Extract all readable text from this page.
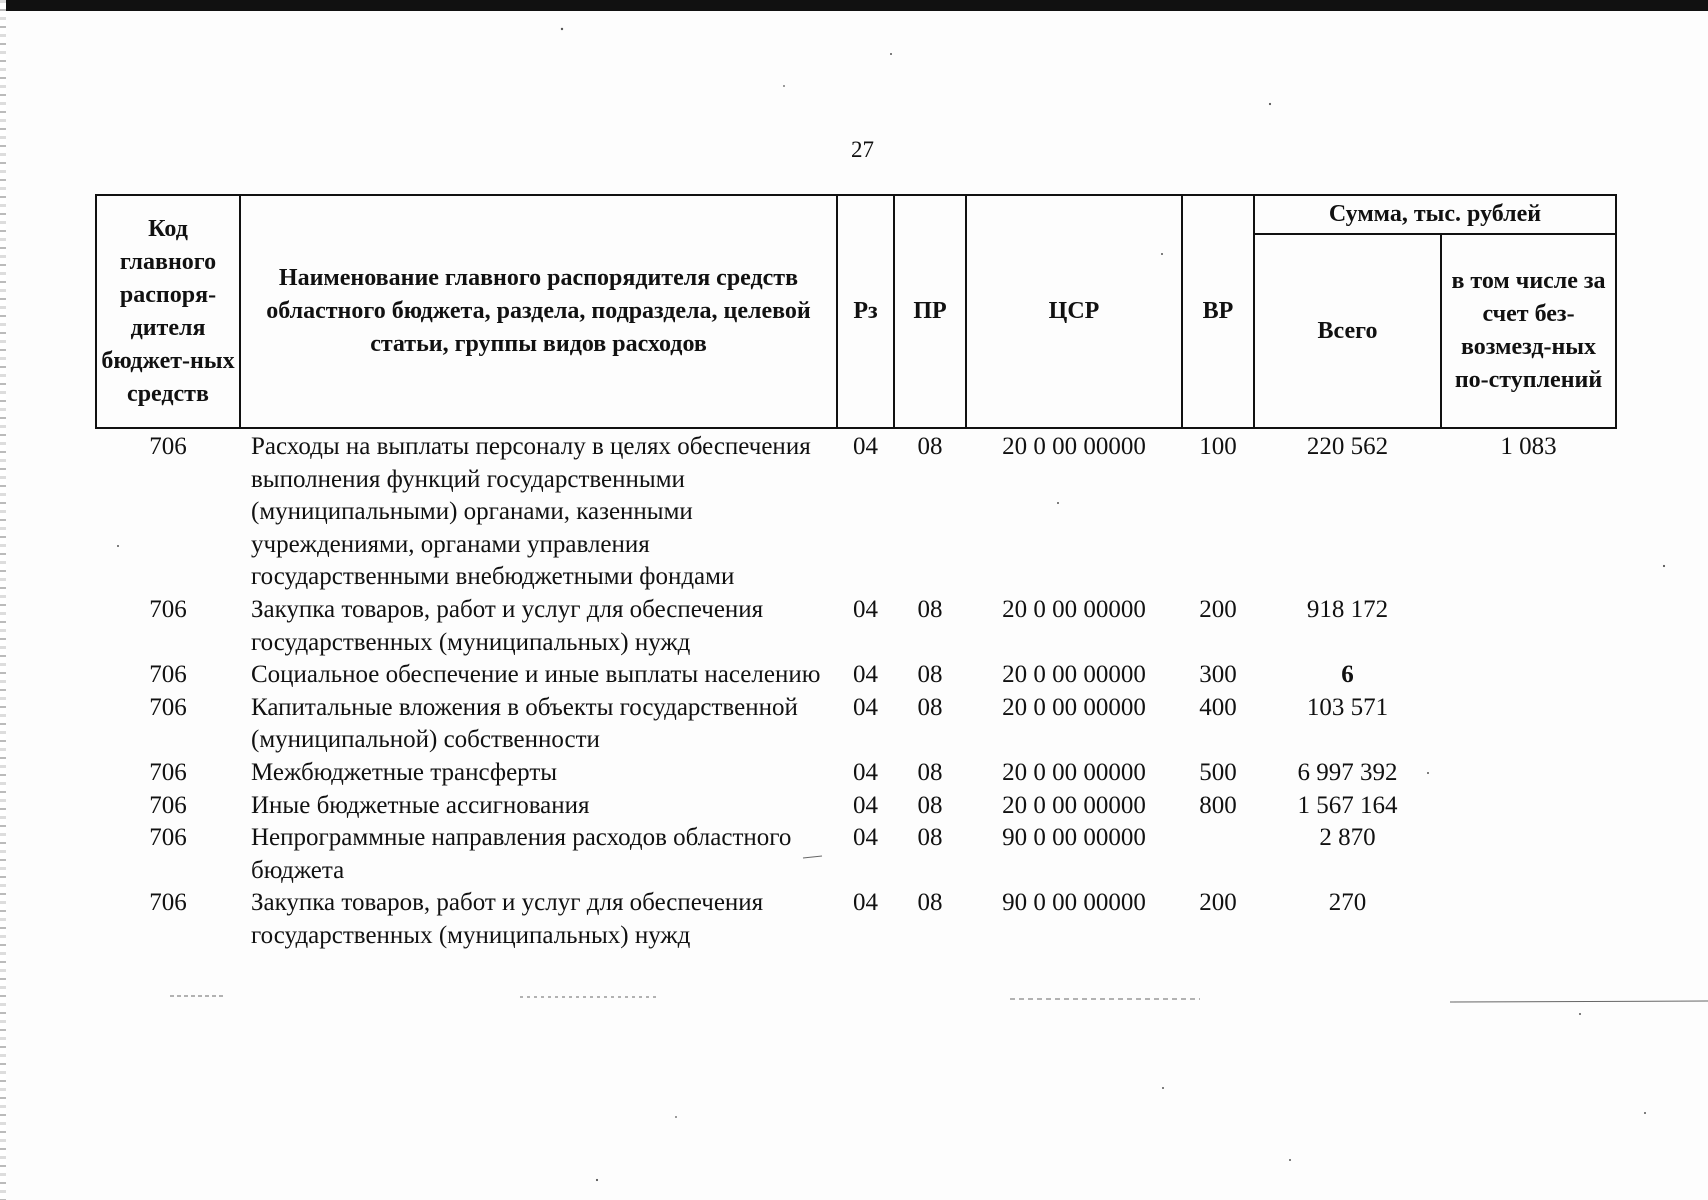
27
Код главного распоря-дителя бюджет-ных средств	Наименование главного распорядителя средств областного бюджета, раздела, подраздела, целевой статьи, группы видов расходов	Рз	ПР	ЦСР	ВР	Сумма, тыс. рублей	
						Всего	в том числе за счет без-возмезд-ных по-ступлений
706	Расходы на выплаты персоналу в целях обеспечения выполнения функций государственными (муниципальными) органами, казенными учреждениями, органами управления государственными внебюджетными фондами	04	08	20 0 00 00000	100	220 562	1 083
706	Закупка товаров, работ и услуг для обеспечения государственных (муниципальных) нужд	04	08	20 0 00 00000	200	918 172	
706	Социальное обеспечение и иные выплаты населению	04	08	20 0 00 00000	300	6	
706	Капитальные вложения в объекты государственной (муниципальной) собственности	04	08	20 0 00 00000	400	103 571	
706	Межбюджетные трансферты	04	08	20 0 00 00000	500	6 997 392	
706	Иные бюджетные ассигнования	04	08	20 0 00 00000	800	1 567 164	
706	Непрограммные направления расходов областного бюджета	04	08	90 0 00 00000		2 870	
706	Закупка товаров, работ и услуг для обеспечения государственных (муниципальных) нужд	04	08	90 0 00 00000	200	270	
